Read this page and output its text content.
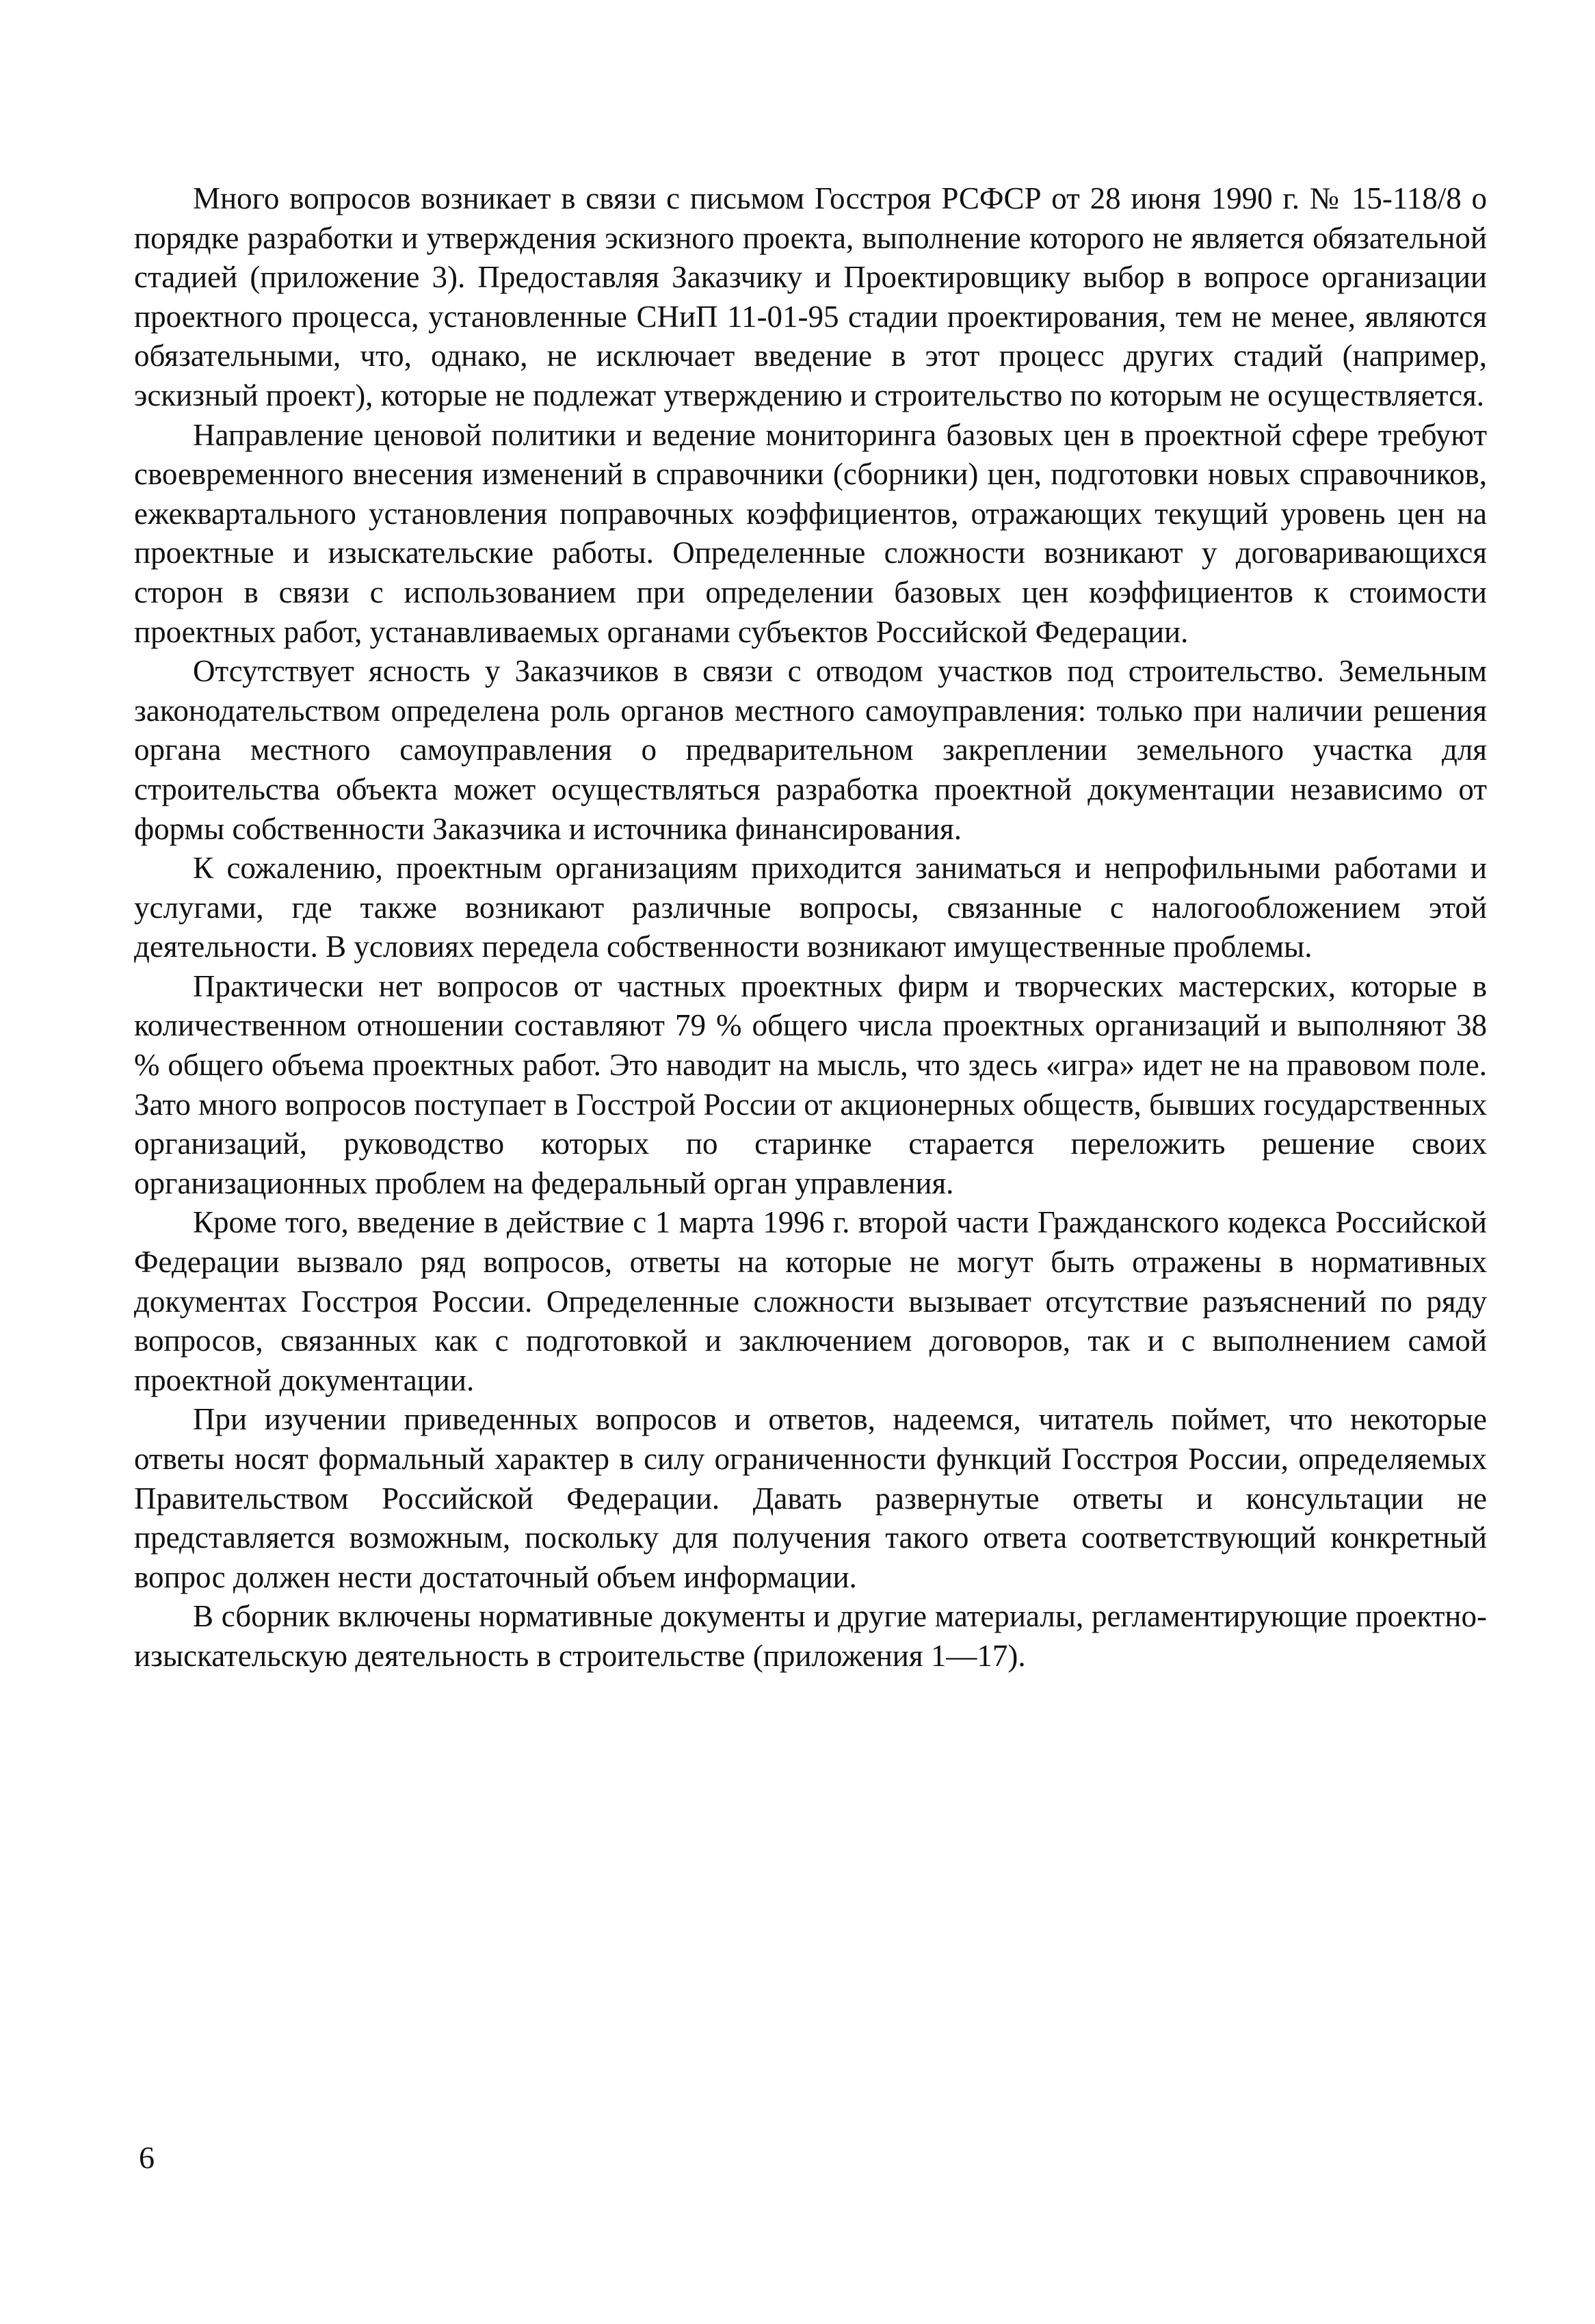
Много вопросов возникает в связи с письмом Госстроя РСФСР от 28 июня 1990 г. № 15-118/8 о порядке разработки и утверждения эскизного проекта, выполнение которого не является обязательной стадией (приложение 3). Предоставляя Заказчику и Проектировщику выбор в вопросе организации проектного процесса, установленные СНиП 11-01-95 стадии проектирования, тем не менее, являются обязательными, что, однако, не исключает введение в этот процесс других стадий (например, эскизный проект), которые не подлежат утверждению и строительство по которым не осуществляется.

Направление ценовой политики и ведение мониторинга базовых цен в проектной сфере требуют своевременного внесения изменений в справочники (сборники) цен, подготовки новых справочников, ежеквартального установления поправочных коэффициентов, отражающих текущий уровень цен на проектные и изыскательские работы. Определенные сложности возникают у договаривающихся сторон в связи с использованием при определении базовых цен коэффициентов к стоимости проектных работ, устанавливаемых органами субъектов Российской Федерации.

Отсутствует ясность у Заказчиков в связи с отводом участков под строительство. Земельным законодательством определена роль органов местного самоуправления: только при наличии решения органа местного самоуправления о предварительном закреплении земельного участка для строительства объекта может осуществляться разработка проектной документации независимо от формы собственности Заказчика и источника финансирования.

К сожалению, проектным организациям приходится заниматься и непрофильными работами и услугами, где также возникают различные вопросы, связанные с налогообложением этой деятельности. В условиях передела собственности возникают имущественные проблемы.

Практически нет вопросов от частных проектных фирм и творческих мастерских, которые в количественном отношении составляют 79 % общего числа проектных организаций и выполняют 38 % общего объема проектных работ. Это наводит на мысль, что здесь «игра» идет не на правовом поле. Зато много вопросов поступает в Госстрой России от акционерных обществ, бывших государственных организаций, руководство которых по старинке старается переложить решение своих организационных проблем на федеральный орган управления.

Кроме того, введение в действие с 1 марта 1996 г. второй части Гражданского кодекса Российской Федерации вызвало ряд вопросов, ответы на которые не могут быть отражены в нормативных документах Госстроя России. Определенные сложности вызывает отсутствие разъяснений по ряду вопросов, связанных как с подготовкой и заключением договоров, так и с выполнением самой проектной документации.

При изучении приведенных вопросов и ответов, надеемся, читатель поймет, что некоторые ответы носят формальный характер в силу ограниченности функций Госстроя России, определяемых Правительством Российской Федерации. Давать развернутые ответы и консультации не представляется возможным, поскольку для получения такого ответа соответствующий конкретный вопрос должен нести достаточный объем информации.

В сборник включены нормативные документы и другие материалы, регламентирующие проектно-изыскательскую деятельность в строительстве (приложения 1—17).

6
